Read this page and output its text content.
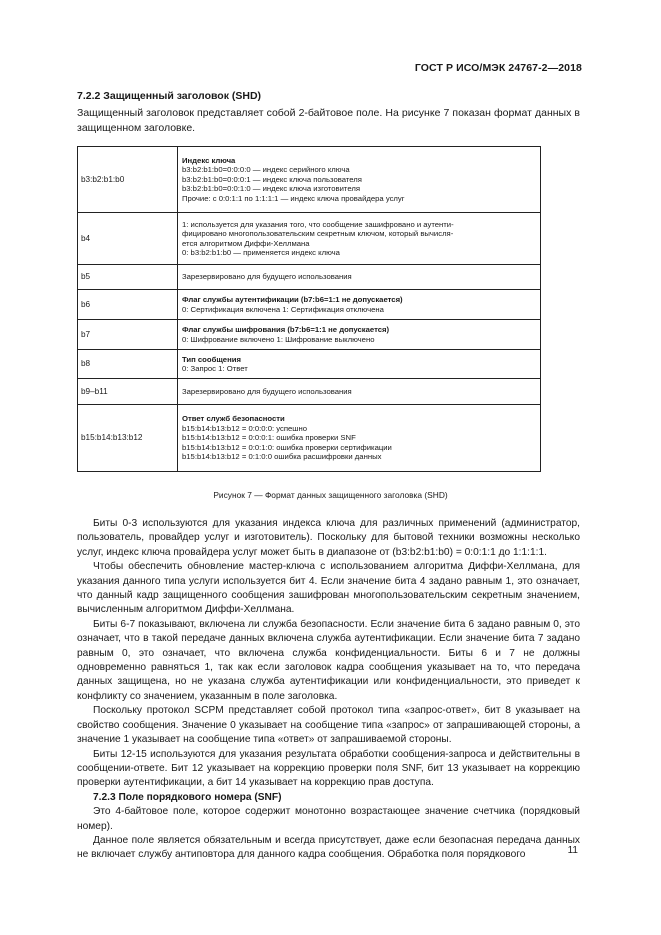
ГОСТ Р ИСО/МЭК 24767-2—2018
7.2.2 Защищенный заголовок (SHD)
Защищенный заголовок представляет собой 2-байтовое поле. На рисунке 7 показан формат данных в защищенном заголовке.
b3:b2:b1:b0	Индекс ключа
b3:b2:b1:b0=0:0:0:0 — индекс серийного ключа
b3:b2:b1:b0=0:0:0:1 — индекс ключа пользователя
b3:b2:b1:b0=0:0:1:0 — индекс ключа изготовителя
Прочие: с 0:0:1:1 по 1:1:1:1 — индекс ключа провайдера услуг

b4	1: используется для указания того, что сообщение зашифровано и аутенти-
фицировано многопользовательским секретным ключом, который вычисля-
ется алгоритмом Диффи-Хеллмана
0: b3:b2:b1:b0 — применяется индекс ключа

b5	Зарезервировано для будущего использования

b6	Флаг службы аутентификации (b7:b6=1:1 не допускается)
0: Сертификация включена 1: Сертификация отключена

b7	Флаг службы шифрования (b7:b6=1:1 не допускается)
0: Шифрование включено 1: Шифрование выключено

b8	Тип сообщения
0: Запрос 1: Ответ

b9–b11	Зарезервировано для будущего использования

b15:b14:b13:b12	Ответ служб безопасности
b15:b14:b13:b12 = 0:0:0:0: успешно
b15:b14:b13:b12 = 0:0:0:1: ошибка проверки SNF
b15:b14:b13:b12 = 0:0:1:0: ошибка проверки сертификации
b15:b14:b13:b12 = 0:1:0:0 ошибка расшифровки данных
Рисунок 7 — Формат данных защищенного заголовка (SHD)

Биты 0-3 используются для указания индекса ключа для различных применений (администратор, пользователь, провайдер услуг и изготовитель). Поскольку для бытовой техники возможны несколько услуг, индекс ключа провайдера услуг может быть в диапазоне от (b3:b2:b1:b0) = 0:0:1:1 до 1:1:1:1.

Чтобы обеспечить обновление мастер-ключа с использованием алгоритма Диффи-Хеллмана, для указания данного типа услуги используется бит 4. Если значение бита 4 задано равным 1, это означает, что данный кадр защищенного сообщения зашифрован многопользовательским секретным значением, вычисленным алгоритмом Диффи-Хеллмана.

Биты 6-7 показывают, включена ли служба безопасности. Если значение бита 6 задано равным 0, это означает, что в такой передаче данных включена служба аутентификации. Если значение бита 7 задано равным 0, это означает, что включена служба конфиденциальности. Биты 6 и 7 не должны одновременно равняться 1, так как если заголовок кадра сообщения указывает на то, что передача данных защищена, но не указана служба аутентификации или конфиденциальности, это приведет к конфликту со значением, указанным в поле заголовка.

Поскольку протокол SCPM представляет собой протокол типа «запрос-ответ», бит 8 указывает на свойство сообщения. Значение 0 указывает на сообщение типа «запрос» от запрашивающей стороны, а значение 1 указывает на сообщение типа «ответ» от запрашиваемой стороны.

Биты 12-15 используются для указания результата обработки сообщения-запроса и действительны в сообщении-ответе. Бит 12 указывает на коррекцию проверки поля SNF, бит 13 указывает на коррекцию проверки аутентификации, а бит 14 указывает на коррекцию прав доступа.

7.2.3 Поле порядкового номера (SNF)

Это 4-байтовое поле, которое содержит монотонно возрастающее значение счетчика (порядковый номер).

Данное поле является обязательным и всегда присутствует, даже если безопасная передача данных не включает службу антиповтора для данного кадра сообщения. Обработка поля порядкового	11
